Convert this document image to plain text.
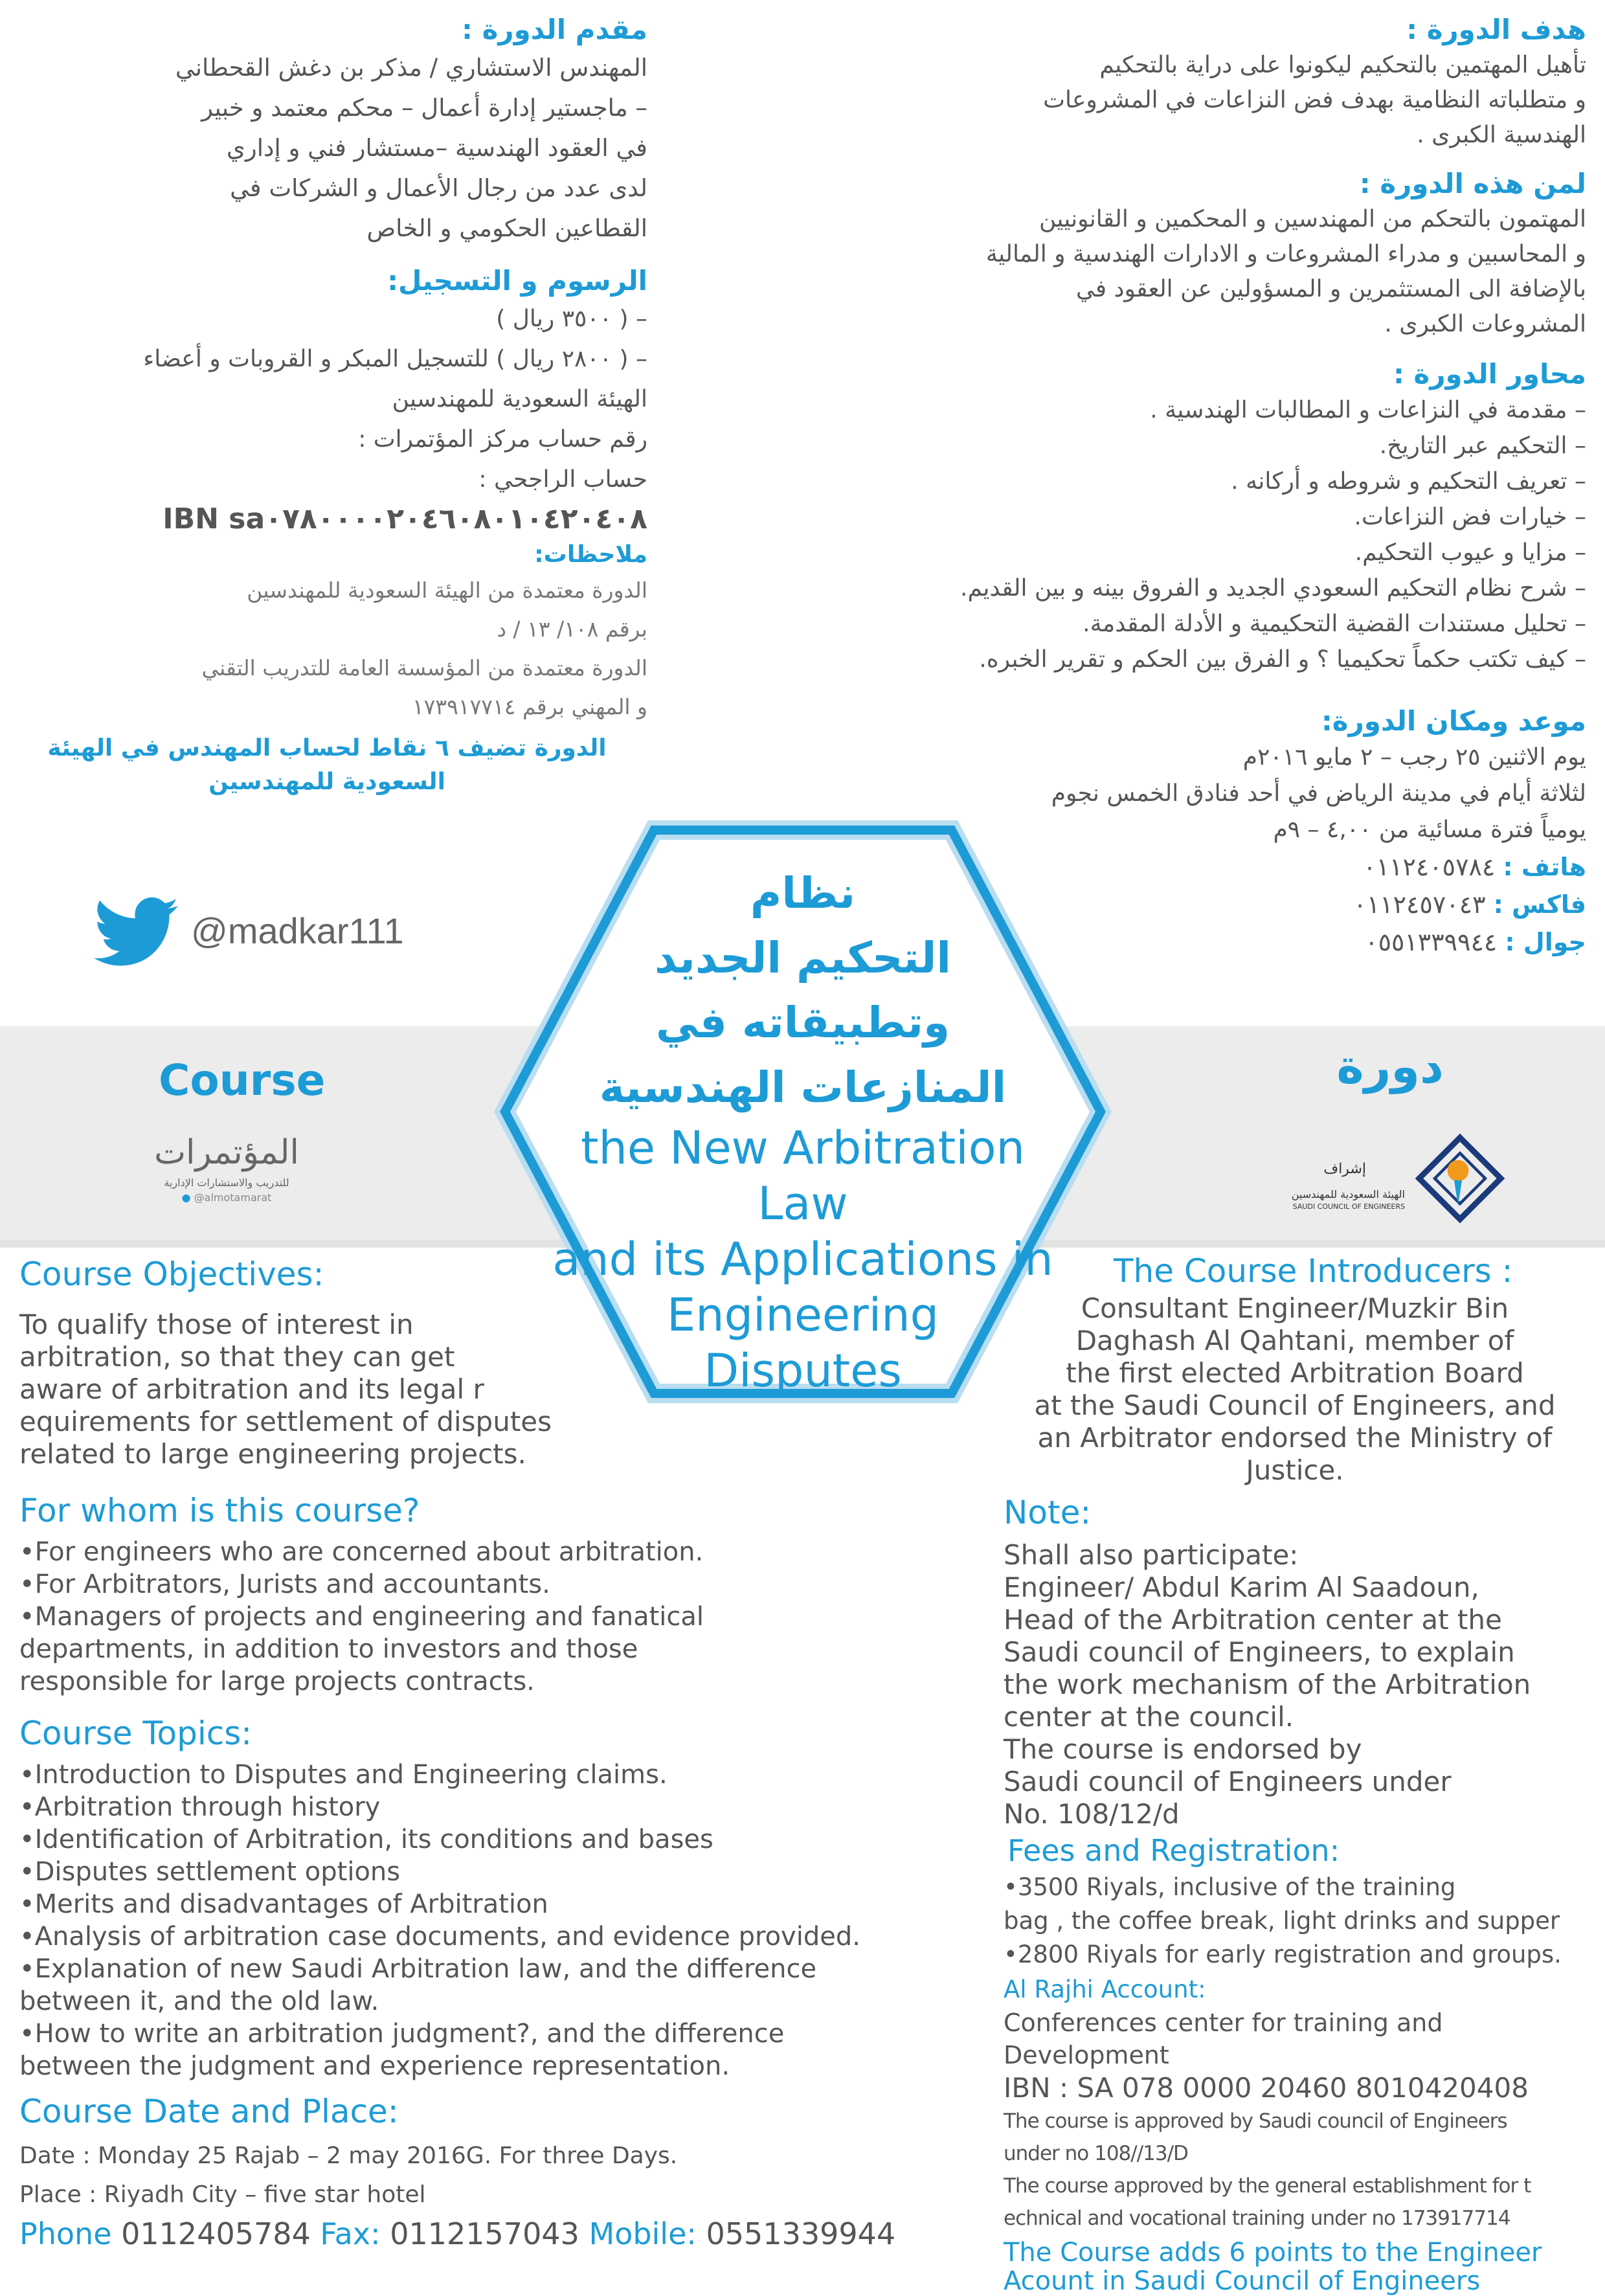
هدف الدورة :

تأهيل المهتمين بالتحكيم ليكونوا على دراية بالتحكيم
و متطلباته النظامية بهدف فض النزاعات في المشروعات
الهندسية الكبرى .

لمن هذه الدورة :

المهتمون بالتحكم من المهندسين و المحكمين و القانونيين
و المحاسبين و مدراء المشروعات و الادارات الهندسية و المالية
بالإضافة الى المستثمرين و المسؤولين عن العقود في
المشروعات الكبرى .

محاور الدورة :

– مقدمة في النزاعات و المطالبات الهندسية .
– التحكيم عبر التاريخ.
– تعريف التحكيم و شروطه و أركانه .
– خيارات فض النزاعات.
– مزايا و عيوب التحكيم.
– شرح نظام التحكيم السعودي الجديد و الفروق بينه و بين القديم.
– تحليل مستندات القضية التحكيمية و الأدلة المقدمة.
– كيف تكتب حكماً تحكيميا ؟ و الفرق بين الحكم و تقرير الخبره.

موعد ومكان الدورة:

يوم الاثنين ٢٥ رجب – ٢ مايو ٢٠١٦م
لثلاثة أيام في مدينة الرياض في أحد فنادق الخمس نجوم
يومياً فترة مسائية من ٤,٠٠ – ٩م

هاتف : ٠١١٢٤٠٥٧٨٤

فاكس : ٠١١٢٤٥٧٠٤٣

جوال : ٠٥٥١٣٣٩٩٤٤

مقدم الدورة :

المهندس الاستشاري / مذكر بن دغش القحطاني
– ماجستير إدارة أعمال – محكم معتمد و خبير
في العقود الهندسية –مستشار فني و إداري
لدى عدد من رجال الأعمال و الشركات في
القطاعين الحكومي و الخاص

الرسوم و التسجيل:

– ( ٣٥٠٠ ريال )
– ( ٢٨٠٠ ريال ) للتسجيل المبكر و القروبات و أعضاء
الهيئة السعودية للمهندسين
رقم حساب مركز المؤتمرات :
حساب الراجحي :

IBN sa٠٧٨٠٠٠٠٢٠٤٦٠٨٠١٠٤٢٠٤٠٨

ملاحظات:

الدورة معتمدة من الهيئة السعودية للمهندسين
برقم ١٠٨/ ١٣ / د
الدورة معتمدة من المؤسسة العامة للتدريب التقني
و المهني برقم ١٧٣٩١٧٧١٤

الدورة تضيف ٦ نقاط لحساب المهندس في الهيئة
السعودية للمهندسين

@madkar111
Course
المؤتمرات
للتدريب والاستشارات الإدارية
● @almotamarat
دورة
إشراف
الهيئة السعودية للمهندسين
SAUDI COUNCIL OF ENGINEERS

نظام

التحكيم الجديد

وتطبيقاته في

المنازعات الهندسية

the New Arbitration Law

and its Applications in

Engineering

Disputes

Course Objectives:

To qualify those of interest in
arbitration, so that they can get
aware of arbitration and its legal r
equirements for settlement of disputes
related to large engineering projects.

For whom is this course?

•For engineers who are concerned about arbitration.
•For Arbitrators, Jurists and accountants.
•Managers of projects and engineering and fanatical departments, in addition to investors and those responsible for large projects contracts.

Course Topics:

•Introduction to Disputes and Engineering claims.
•Arbitration through history
•Identification of Arbitration, its conditions and bases
•Disputes settlement options
•Merits and disadvantages of Arbitration
•Analysis of arbitration case documents, and evidence provided.
•Explanation of new Saudi Arbitration law, and the difference between it, and the old law.
•How to write an arbitration judgment?, and the difference between the judgment and experience representation.

Course Date and Place:

Date : Monday 25 Rajab – 2 may 2016G. For three Days.

Place : Riyadh City – five star hotel

Phone 0112405784 Fax: 0112157043 Mobile: 0551339944

The Course Introducers :

Consultant Engineer/Muzkir Bin
Daghash Al Qahtani, member of
the first elected Arbitration Board
at the Saudi Council of Engineers, and
an Arbitrator endorsed the Ministry of
Justice.

Note:

Shall also participate:
Engineer/ Abdul Karim Al Saadoun,
Head of the Arbitration center at the
Saudi council of Engineers, to explain
the work mechanism of the Arbitration
center at the council.
The course is endorsed by
Saudi council of Engineers under
No. 108/12/d

Fees and Registration:

•3500 Riyals, inclusive of the training
bag , the coffee break, light drinks and supper

•2800 Riyals for early registration and groups.

Al Rajhi Account:

Conferences center for training and Development

IBN : SA 078 0000 20460 8010420408

The course is approved by Saudi council of Engineers
under no 108//13/D

The course approved by the general establishment for t
echnical and vocational training under no 173917714

The Course adds 6 points to the Engineer
Acount in Saudi Council of Engineers
